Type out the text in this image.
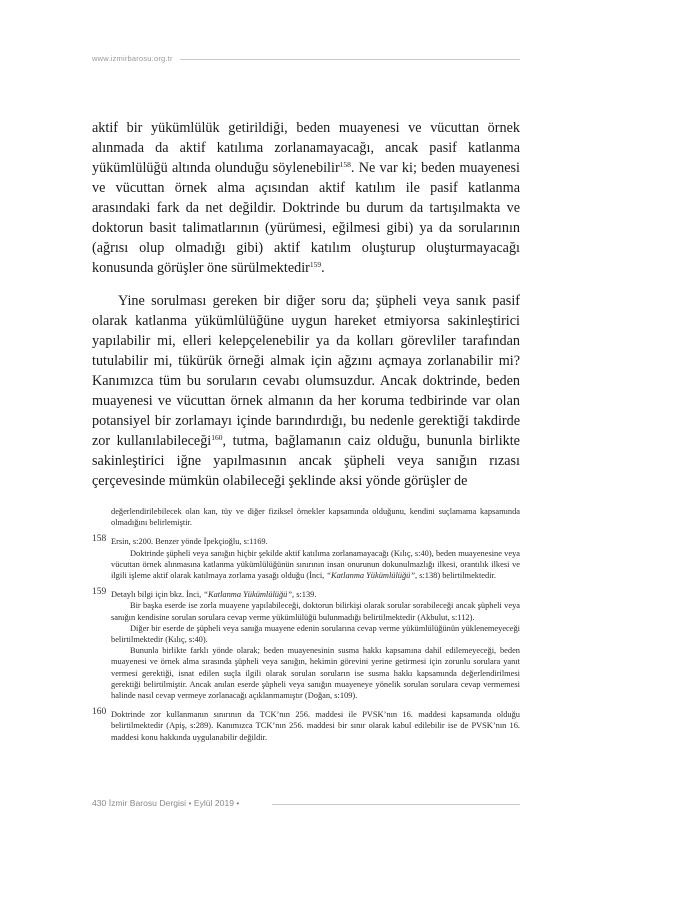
www.izmirbarosu.org.tr

aktif bir yükümlülük getirildiği, beden muayenesi ve vücuttan örnek alınmada da aktif katılıma zorlanamayacağı, ancak pasif katlanma yükümlülüğü altında olunduğu söylenebilir$^{158}$. Ne var ki; beden muayenesi ve vücuttan örnek alma açısından aktif katılım ile pasif katlanma arasındaki fark da net değildir. Doktrinde bu durum da tartışılmakta ve doktorun basit talimatlarının (yürümesi, eğilmesi gibi) ya da sorularının (ağrısı olup olmadığı gibi) aktif katılım oluşturup oluşturmayacağı konusunda görüşler öne sürülmektedir$^{159}$.

Yine sorulması gereken bir diğer soru da; şüpheli veya sanık pasif olarak katlanma yükümlülüğüne uygun hareket etmiyorsa sakinleştirici yapılabilir mi, elleri kelepçelenebilir ya da kolları görevliler tarafından tutulabilir mi, tükürük örneği almak için ağzını açmaya zorlanabilir mi? Kanımızca tüm bu soruların cevabı olumsuzdur. Ancak doktrinde, beden muayenesi ve vücuttan örnek almanın da her koruma tedbirinde var olan potansiyel bir zorlamayı içinde barındırdığı, bu nedenle gerektiği takdirde zor kullanılabileceği$^{160}$, tutma, bağlamanın caiz olduğu, bununla birlikte sakinleştirici iğne yapılmasının ancak şüpheli veya sanığın rızası çerçevesinde mümkün olabileceği şeklinde aksi yönde görüşler de

değerlendirilebilecek olan kan, tüy ve diğer fiziksel örnekler kapsamında olduğunu, kendini suçlamama kapsamında olmadığını belirlemiştir.

158 Ersin, s:200. Benzer yönde İpekçioğlu, s:1169.

Doktrinde şüpheli veya sanığın hiçbir şekilde aktif katılıma zorlanamayacağı (Kılıç, s:40), beden muayenesine veya vücuttan örnek alınmasına katlanma yükümlülüğünün sınırının insan onurunun dokunulmazlığı ilkesi, orantılık ilkesi ve ilgili işleme aktif olarak katılmaya zorlama yasağı olduğu (İnci, “Katlanma Yükümlülüğü”, s:138) belirtilmektedir.

159 Detaylı bilgi için bkz. İnci, “Katlanma Yükümlülüğü”, s:139.

Bir başka eserde ise zorla muayene yapılabileceği, doktorun bilirkişi olarak sorular sorabileceği ancak şüpheli veya sanığın kendisine sorulan sorulara cevap verme yükümlülüğü bulunmadığı belirtilmektedir (Akbulut, s:112).

Diğer bir eserde de şüpheli veya sanığa muayene edenin sorularına cevap verme yükümlülüğünün yüklenemeyeceği belirtilmektedir (Kılıç, s:40).

Bununla birlikte farklı yönde olarak; beden muayenesinin susma hakkı kapsamına dahil edilemeyeceği, beden muayenesi ve örnek alma sırasında şüpheli veya sanığın, hekimin görevini yerine getirmesi için zorunlu sorulara yanıt vermesi gerektiği, isnat edilen suçla ilgili olarak sorulan soruların ise susma hakkı kapsamında değerlendirilmesi gerektiği belirtilmiştir. Ancak anılan eserde şüpheli veya sanığın muayeneye yönelik sorulan sorulara cevap vermemesi halinde nasıl cevap vermeye zorlanacağı açıklanmamıştır (Doğan, s:109).

160 Doktrinde zor kullanmanın sınırının da TCK’nın 256. maddesi ile PVSK’nın 16. maddesi kapsamında olduğu belirtilmektedir (Apiş, s:289). Kanımızca TCK’nın 256. maddesi bir sınır olarak kabul edilebilir ise de PVSK’nın 16. maddesi konu hakkında uygulanabilir değildir.

430 İzmir Barosu Dergisi • Eylül 2019 •
